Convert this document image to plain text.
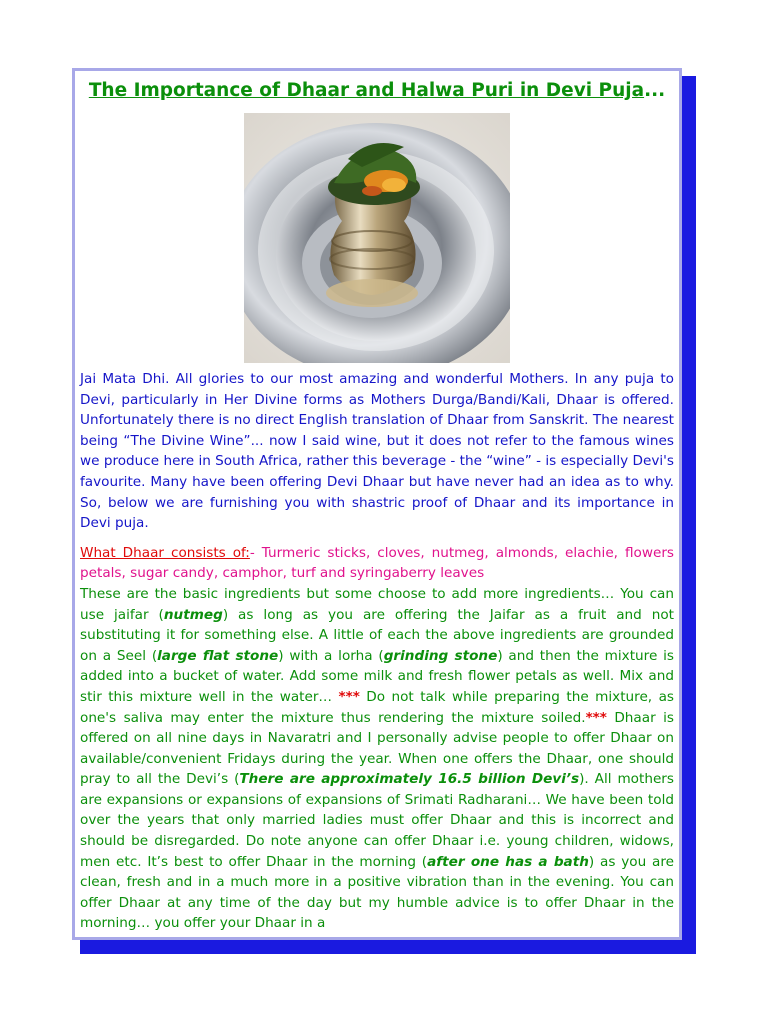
The Importance of Dhaar and Halwa Puri in Devi Puja...

Jai Mata Dhi. All glories to our most amazing and wonderful Mothers. In any puja to Devi, particularly in Her Divine forms as Mothers Durga/Bandi/Kali, Dhaar is offered. Unfortunately there is no direct English translation of Dhaar from Sanskrit. The nearest being “The Divine Wine”... now I said wine, but it does not refer to the famous wines we produce here in South Africa, rather this beverage - the “wine” - is especially Devi's favourite. Many have been offering Devi Dhaar but have never had an idea as to why. So, below we are furnishing you with shastric proof of Dhaar and its importance in Devi puja.

What Dhaar consists of:- Turmeric sticks, cloves, nutmeg, almonds, elachie, flowers petals, sugar candy, camphor, turf and syringaberry leaves

These are the basic ingredients but some choose to add more ingredients… You can use jaifar (nutmeg) as long as you are offering the Jaifar as a fruit and not substituting it for something else. A little of each the above ingredients are grounded on a Seel (large flat stone) with a lorha (grinding stone) and then the mixture is added into a bucket of water. Add some milk and fresh flower petals as well. Mix and stir this mixture well in the water… *** Do not talk while preparing the mixture, as one's saliva may enter the mixture thus rendering the mixture soiled.*** Dhaar is offered on all nine days in Navaratri and I personally advise people to offer Dhaar on available/convenient Fridays during the year. When one offers the Dhaar, one should pray to all the Devi’s (There are approximately 16.5 billion Devi’s). All mothers are expansions or expansions of expansions of Srimati Radharani… We have been told over the years that only married ladies must offer Dhaar and this is incorrect and should be disregarded. Do note anyone can offer Dhaar i.e. young children, widows, men etc. It’s best to offer Dhaar in the morning (after one has a bath) as you are clean, fresh and in a much more in a positive vibration than in the evening. You can offer Dhaar at any time of the day but my humble advice is to offer Dhaar in the morning… you offer your Dhaar in a
